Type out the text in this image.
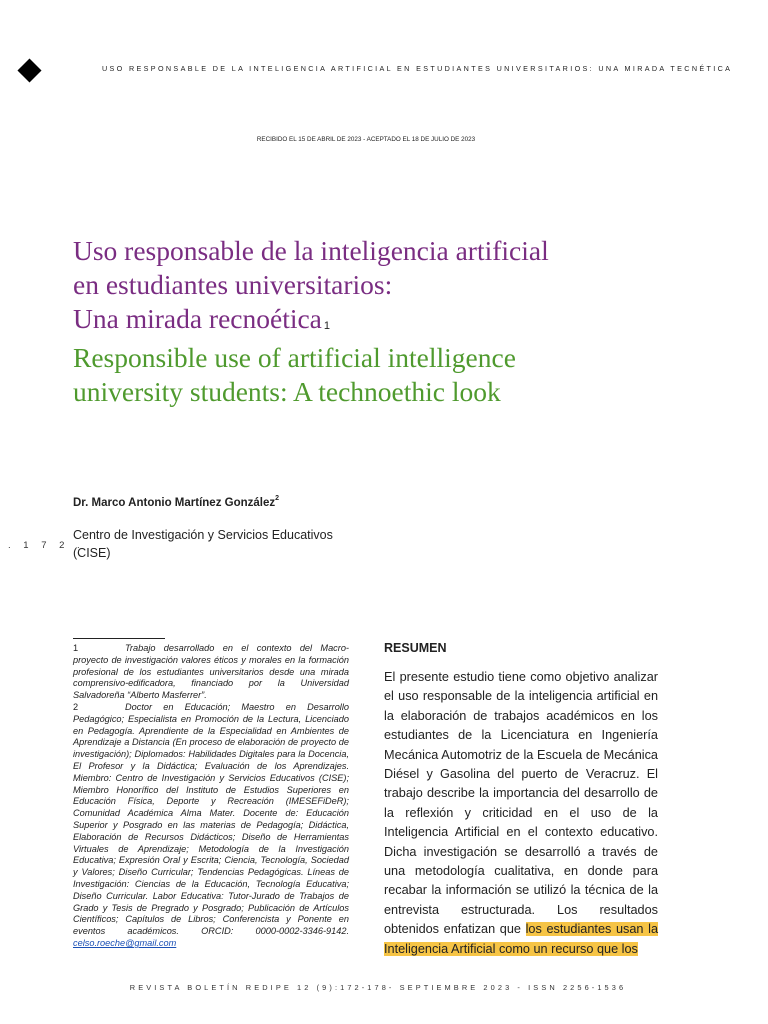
USO RESPONSABLE DE LA INTELIGENCIA ARTIFICIAL EN ESTUDIANTES UNIVERSITARIOS: UNA MIRADA TECNÉTICA
RECIBIDO EL 15 DE ABRIL DE 2023 - ACEPTADO EL 18 DE JULIO DE 2023
Uso responsable de la inteligencia artificial
en estudiantes universitarios:
Una mirada recnoética $^1$
Responsible use of artificial intelligence
university students: A technoethic look
Dr. Marco Antonio Martínez González$^2$
Centro de Investigación y Servicios Educativos
(CISE)
. 1 7 2 .

1	Trabajo desarrollado en el contexto del Macro-proyecto de investigación valores éticos y morales en la formación profesional de los estudiantes universitarios desde una mirada comprensivo-edificadora, financiado por la Universidad Salvadoreña “Alberto Masferrer”.

2	Doctor en Educación; Maestro en Desarrollo Pedagógico; Especialista en Promoción de la Lectura, Licenciado en Pedagogía. Aprendiente de la Especialidad en Ambientes de Aprendizaje a Distancia (En proceso de elaboración de proyecto de investigación); Diplomados: Habilidades Digitales para la Docencia, El Profesor y la Didáctica; Evaluación de los Aprendizajes. Miembro: Centro de Investigación y Servicios Educativos (CISE); Miembro Honorífico del Instituto de Estudios Superiores en Educación Física, Deporte y Recreación (IMESEFiDeR); Comunidad Académica Alma Mater. Docente de: Educación Superior y Posgrado en las materias de Pedagogía; Didáctica, Elaboración de Recursos Didácticos; Diseño de Herramientas Virtuales de Aprendizaje; Metodología de la Investigación Educativa; Expresión Oral y Escrita; Ciencia, Tecnología, Sociedad y Valores; Diseño Curricular; Tendencias Pedagógicas. Líneas de Investigación: Ciencias de la Educación, Tecnología Educativa; Diseño Curricular. Labor Educativa: Tutor-Jurado de Trabajos de Grado y Tesis de Pregrado y Posgrado; Publicación de Artículos Científicos; Capítulos de Libros; Conferencista y Ponente en eventos académicos. ORCID: 0000-0002-3346-9142. celso.roeche@gmail.com

RESUMEN

El presente estudio tiene como objetivo analizar el uso responsable de la inteligencia artificial en la elaboración de trabajos académicos en los estudiantes de la Licenciatura en Ingeniería Mecánica Automotriz de la Escuela de Mecánica Diésel y Gasolina del puerto de Veracruz. El trabajo describe la importancia del desarrollo de la reflexión y criticidad en el uso de la Inteligencia Artificial en el contexto educativo. Dicha investigación se desarrolló a través de una metodología cualitativa, en donde para recabar la información se utilizó la técnica de la entrevista estructurada. Los resultados obtenidos enfatizan que los estudiantes usan la Inteligencia Artificial como un recurso que los

REVISTA BOLETÍN REDIPE 12 (9):172-178- SEPTIEMBRE 2023 - ISSN 2256-1536
